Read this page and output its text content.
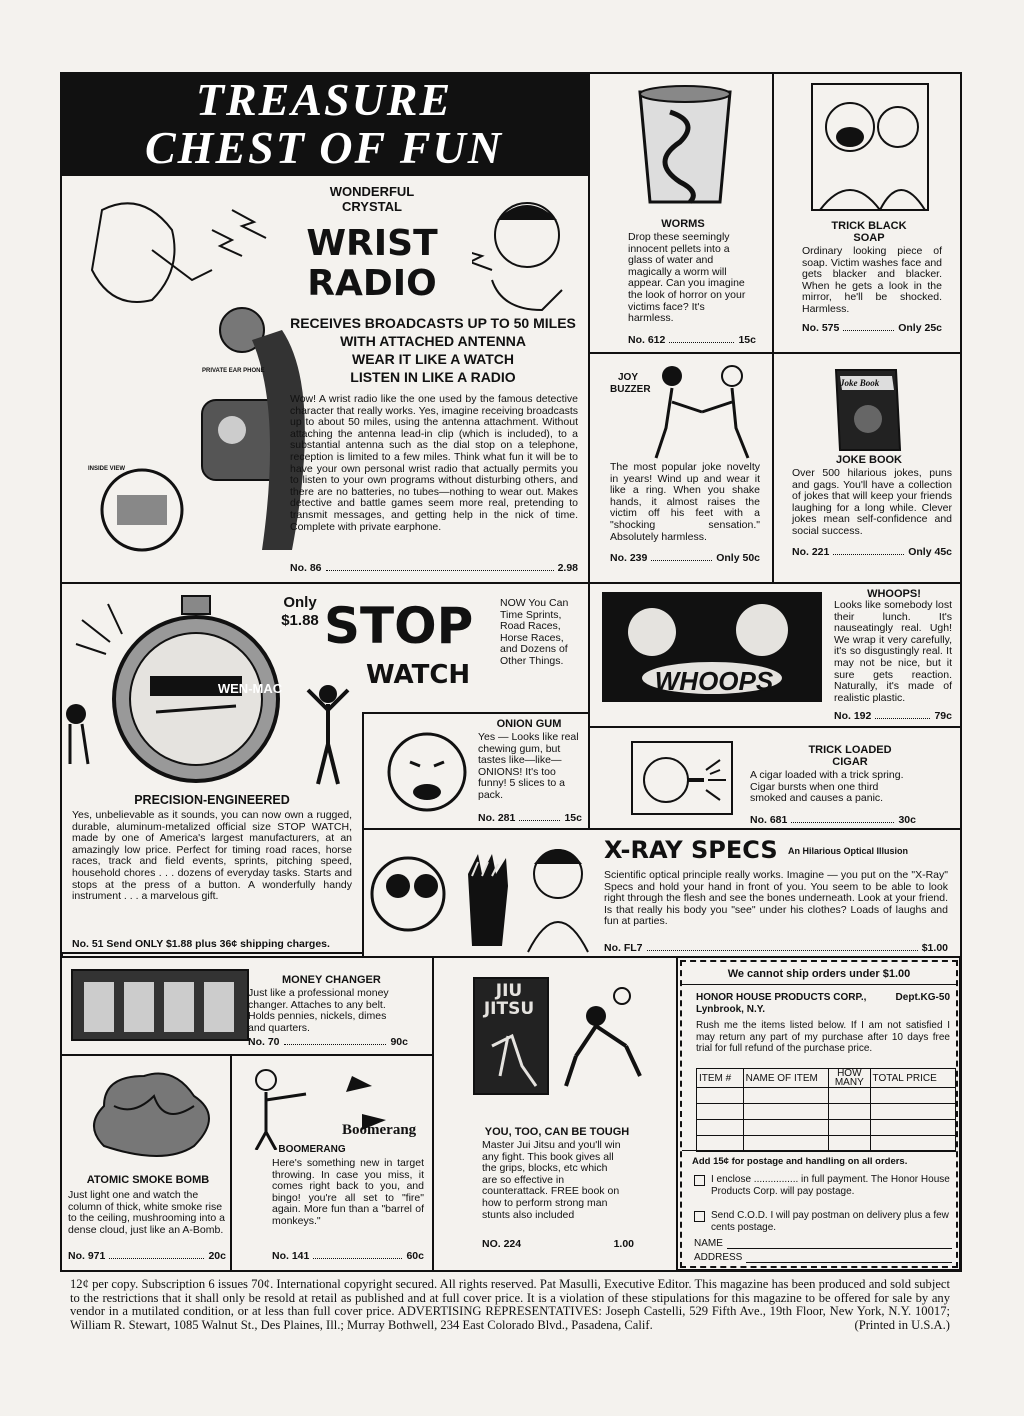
TREASURE
CHEST OF FUN
PRIVATE EAR PHONE
INSIDE VIEW
WONDERFUL
CRYSTAL
WRIST
RADIO
RECEIVES BROADCASTS UP TO 50 MILES
WITH ATTACHED ANTENNA
WEAR IT LIKE A WATCH
LISTEN IN LIKE A RADIO
Wow! A wrist radio like the one used by the famous detective character that really works. Yes, imagine receiving broadcasts up to about 50 miles, using the antenna attachment. Without attaching the antenna lead-in clip (which is included), to a substantial antenna such as the dial stop on a telephone, reception is limited to a few miles. Think what fun it will be to have your own personal wrist radio that actually permits you to listen to your own programs without disturbing others, and there are no batteries, no tubes—nothing to wear out. Makes detective and battle games seem more real, pretending to transmit messages, and getting help in the nick of time. Complete with private earphone.
No. 86	2.98
WORMS
Drop these seemingly innocent pellets into a glass of water and magically a worm will appear. Can you imagine the look of horror on your victims face? It's harmless.
No. 612	15c
TRICK BLACK
SOAP
Ordinary looking piece of soap. Victim washes face and gets blacker and blacker. When he gets a look in the mirror, he'll be shocked. Harmless.
No. 575	Only 25c
JOY
BUZZER
The most popular joke novelty in years! Wind up and wear it like a ring. When you shake hands, it almost raises the victim off his feet with a "shocking sensation." Absolutely harmless.
No. 239	Only 50c
Joke Book
JOKE BOOK
Over 500 hilarious jokes, puns and gags. You'll have a collection of jokes that will keep your friends laughing for a long while. Clever jokes mean self-confidence and social success.
No. 221	Only 45c
WEN-MAC
Only
$1.88 STOP
WATCH
NOW You Can Time Sprints, Road Races, Horse Races, and Dozens of Other Things.
PRECISION-ENGINEERED
Yes, unbelievable as it sounds, you can now own a rugged, durable, aluminum-metalized official size STOP WATCH, made by one of America's largest manufacturers, at an amazingly low price. Perfect for timing road races, horse races, track and field events, sprints, pitching speed, household chores . . . dozens of everyday tasks. Starts and stops at the press of a button. A wonderfully handy instrument . . . a marvelous gift.
No. 51 Send ONLY $1.88 plus 36¢ shipping charges.
WHOOPS
WHOOPS!
Looks like somebody lost their lunch. It's nauseatingly real. Ugh! We wrap it very carefully, it's so disgustingly real. It may not be nice, but it sure gets reaction. Naturally, it's made of realistic plastic.
No. 192	79c
ONION GUM
Yes — Looks like real chewing gum, but tastes like—like—ONIONS! It's too funny! 5 slices to a pack.
No. 281	15c
TRICK LOADED
CIGAR
A cigar loaded with a trick spring. Cigar bursts when one third smoked and causes a panic.
No. 681	30c
X-RAY SPECS An Hilarious Optical Illusion
Scientific optical principle really works. Imagine — you put on the "X-Ray" Specs and hold your hand in front of you. You seem to be able to look right through the flesh and see the bones underneath. Look at your friend. Is that really his body you "see" under his clothes? Loads of laughs and fun at parties.
No. FL7	$1.00
MONEY CHANGER
Just like a professional money changer. Attaches to any belt. Holds pennies, nickels, dimes and quarters.
No. 70	90c
ATOMIC SMOKE BOMB
Just light one and watch the column of thick, white smoke rise to the ceiling, mushrooming into a dense cloud, just like an A-Bomb.
No. 971	20c
Boomerang
BOOMERANG
Here's something new in target throwing. In case you miss, it comes right back to you, and bingo! you're all set to "fire" again. More fun than a "barrel of monkeys."
No. 141	60c
JIU
JITSU
YOU, TOO, CAN BE TOUGH
Master Jui Jitsu and you'll win any fight. This book gives all the grips, blocks, etc which are so effective in counterattack. FREE book on how to perform strong man stunts also included
NO. 224	1.00
We cannot ship orders under $1.00
HONOR HOUSE PRODUCTS CORP.,	Dept.KG-50
Lynbrook, N.Y.
Rush me the items listed below. If I am not satisfied I may return any part of my purchase after 10 days free trial for full refund of the purchase price.
ITEM #	NAME OF ITEM	HOW
MANY	TOTAL PRICE

Add 15¢ for postage and handling on all orders.
I enclose ................ in full payment. The Honor House Products Corp. will pay postage.
Send C.O.D. I will pay postman on delivery plus a few cents postage.
NAME
ADDRESS
12¢ per copy. Subscription 6 issues 70¢. International copyright secured. All rights reserved. Pat Masulli, Executive Editor. This magazine has been produced and sold subject to the restrictions that it shall only be resold at retail as published and at full cover price. It is a violation of these stipulations for this magazine to be offered for sale by any vendor in a mutilated condition, or at less than full cover price. ADVERTISING REPRESENTATIVES: Joseph Castelli, 529 Fifth Ave., 19th Floor, New York, N.Y. 10017; William R. Stewart, 1085 Walnut St., Des Plaines, Ill.; Murray Bothwell, 234 East Colorado Blvd., Pasadena, Calif.	(Printed in U.S.A.)
